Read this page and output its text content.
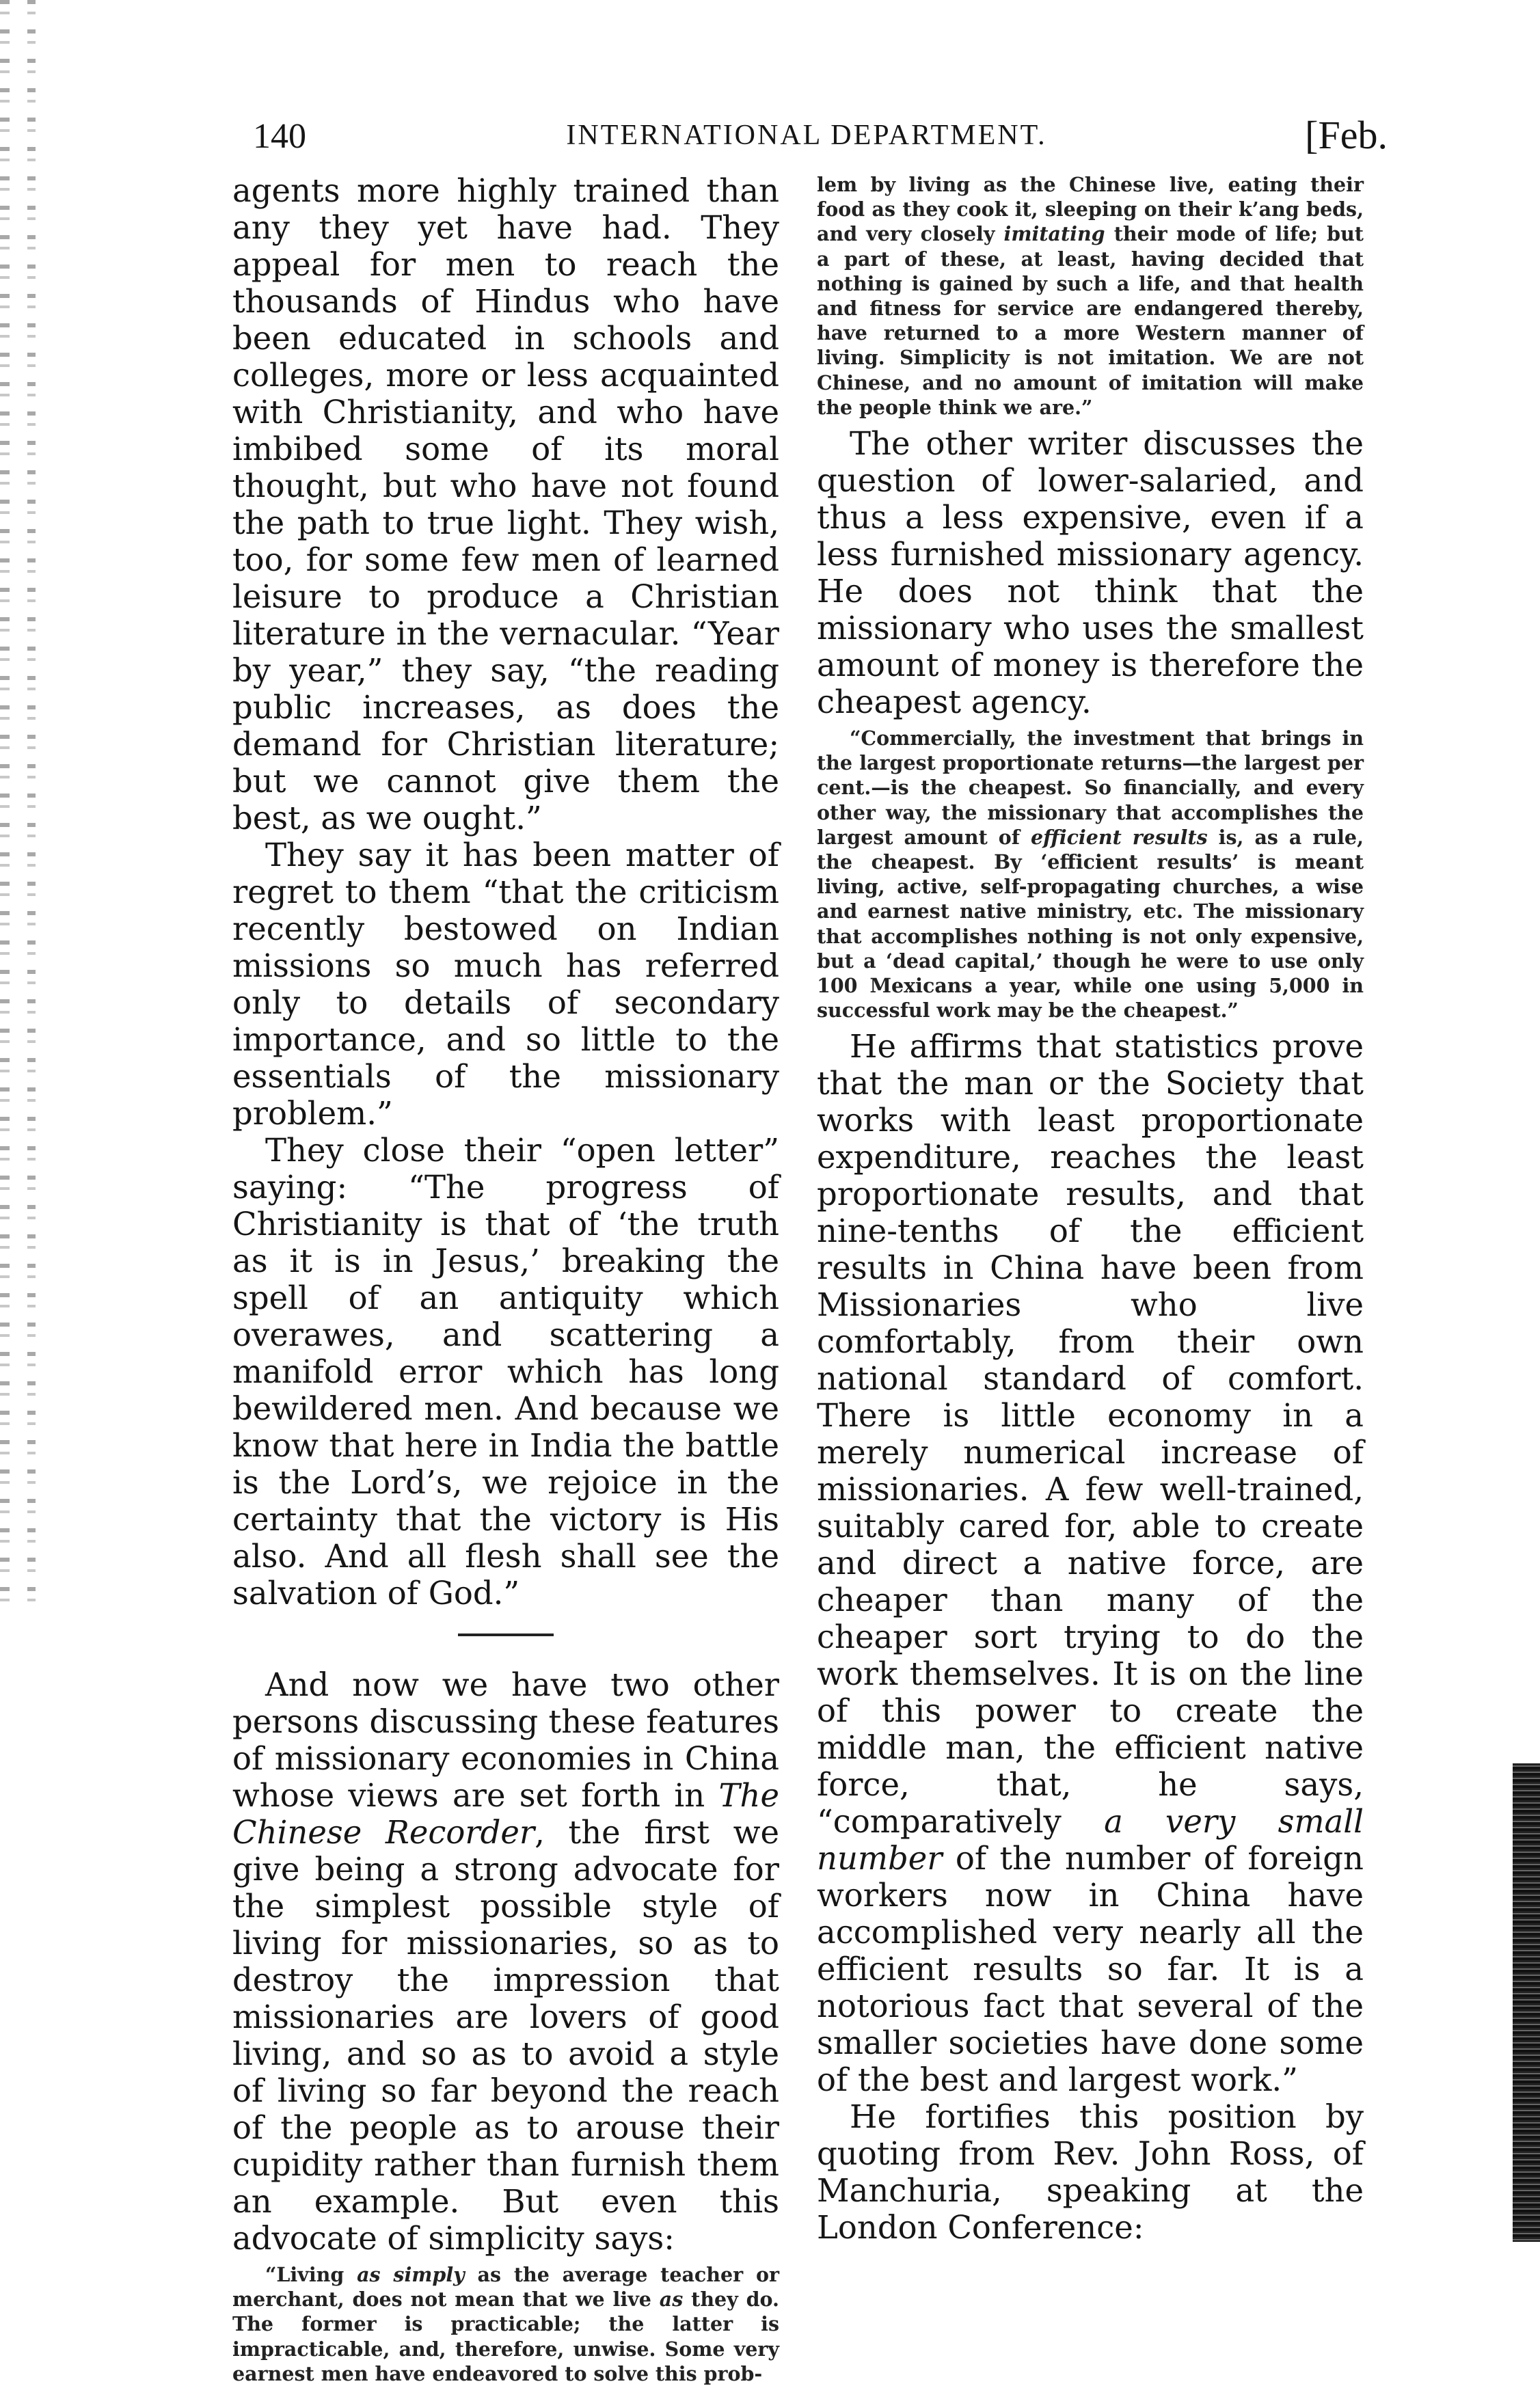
140	INTERNATIONAL DEPARTMENT.	[Feb.

agents more highly trained than any they yet have had. They appeal for men to reach the thousands of Hindus who have been educated in schools and colleges, more or less acquainted with Christianity, and who have imbibed some of its moral thought, but who have not found the path to true light. They wish, too, for some few men of learned leisure to produce a Christian literature in the vernacular. “Year by year,” they say, “the reading public increases, as does the demand for Christian literature; but we cannot give them the best, as we ought.”

They say it has been matter of regret to them “that the criticism recently bestowed on Indian missions so much has referred only to details of secondary importance, and so little to the essentials of the missionary problem.”

They close their “open letter” saying: “The progress of Christianity is that of ‘the truth as it is in Jesus,’ breaking the spell of an antiquity which overawes, and scattering a manifold error which has long bewildered men. And because we know that here in India the battle is the Lord’s, we rejoice in the certainty that the victory is His also. And all flesh shall see the salvation of God.”

And now we have two other persons discussing these features of missionary economies in China whose views are set forth in The Chinese Recorder, the first we give being a strong advocate for the simplest possible style of living for missionaries, so as to destroy the impression that missionaries are lovers of good living, and so as to avoid a style of living so far beyond the reach of the people as to arouse their cupidity rather than furnish them an example. But even this advocate of simplicity says:

“Living as simply as the average teacher or merchant, does not mean that we live as they do. The former is practicable; the latter is impracticable, and, therefore, unwise. Some very earnest men have endeavored to solve this prob-

lem by living as the Chinese live, eating their food as they cook it, sleeping on their k’ang beds, and very closely imitating their mode of life; but a part of these, at least, having decided that nothing is gained by such a life, and that health and fitness for service are endangered thereby, have returned to a more Western manner of living. Simplicity is not imitation. We are not Chinese, and no amount of imitation will make the people think we are.”

The other writer discusses the question of lower-salaried, and thus a less expensive, even if a less furnished missionary agency. He does not think that the missionary who uses the smallest amount of money is therefore the cheapest agency.

“Commercially, the investment that brings in the largest proportionate returns—the largest per cent.—is the cheapest. So financially, and every other way, the missionary that accomplishes the largest amount of efficient results is, as a rule, the cheapest. By ‘efficient results’ is meant living, active, self-propagating churches, a wise and earnest native ministry, etc. The missionary that accomplishes nothing is not only expensive, but a ‘dead capital,’ though he were to use only 100 Mexicans a year, while one using 5,000 in successful work may be the cheapest.”

He affirms that statistics prove that the man or the Society that works with least proportionate expenditure, reaches the least proportionate results, and that nine-tenths of the efficient results in China have been from Missionaries who live comfortably, from their own national standard of comfort. There is little economy in a merely numerical increase of missionaries. A few well-trained, suitably cared for, able to create and direct a native force, are cheaper than many of the cheaper sort trying to do the work themselves. It is on the line of this power to create the middle man, the efficient native force, that, he says, “comparatively a very small number of the number of foreign workers now in China have accomplished very nearly all the efficient results so far. It is a notorious fact that several of the smaller societies have done some of the best and largest work.”

He fortifies this position by quoting from Rev. John Ross, of Manchuria, speaking at the London Conference:
